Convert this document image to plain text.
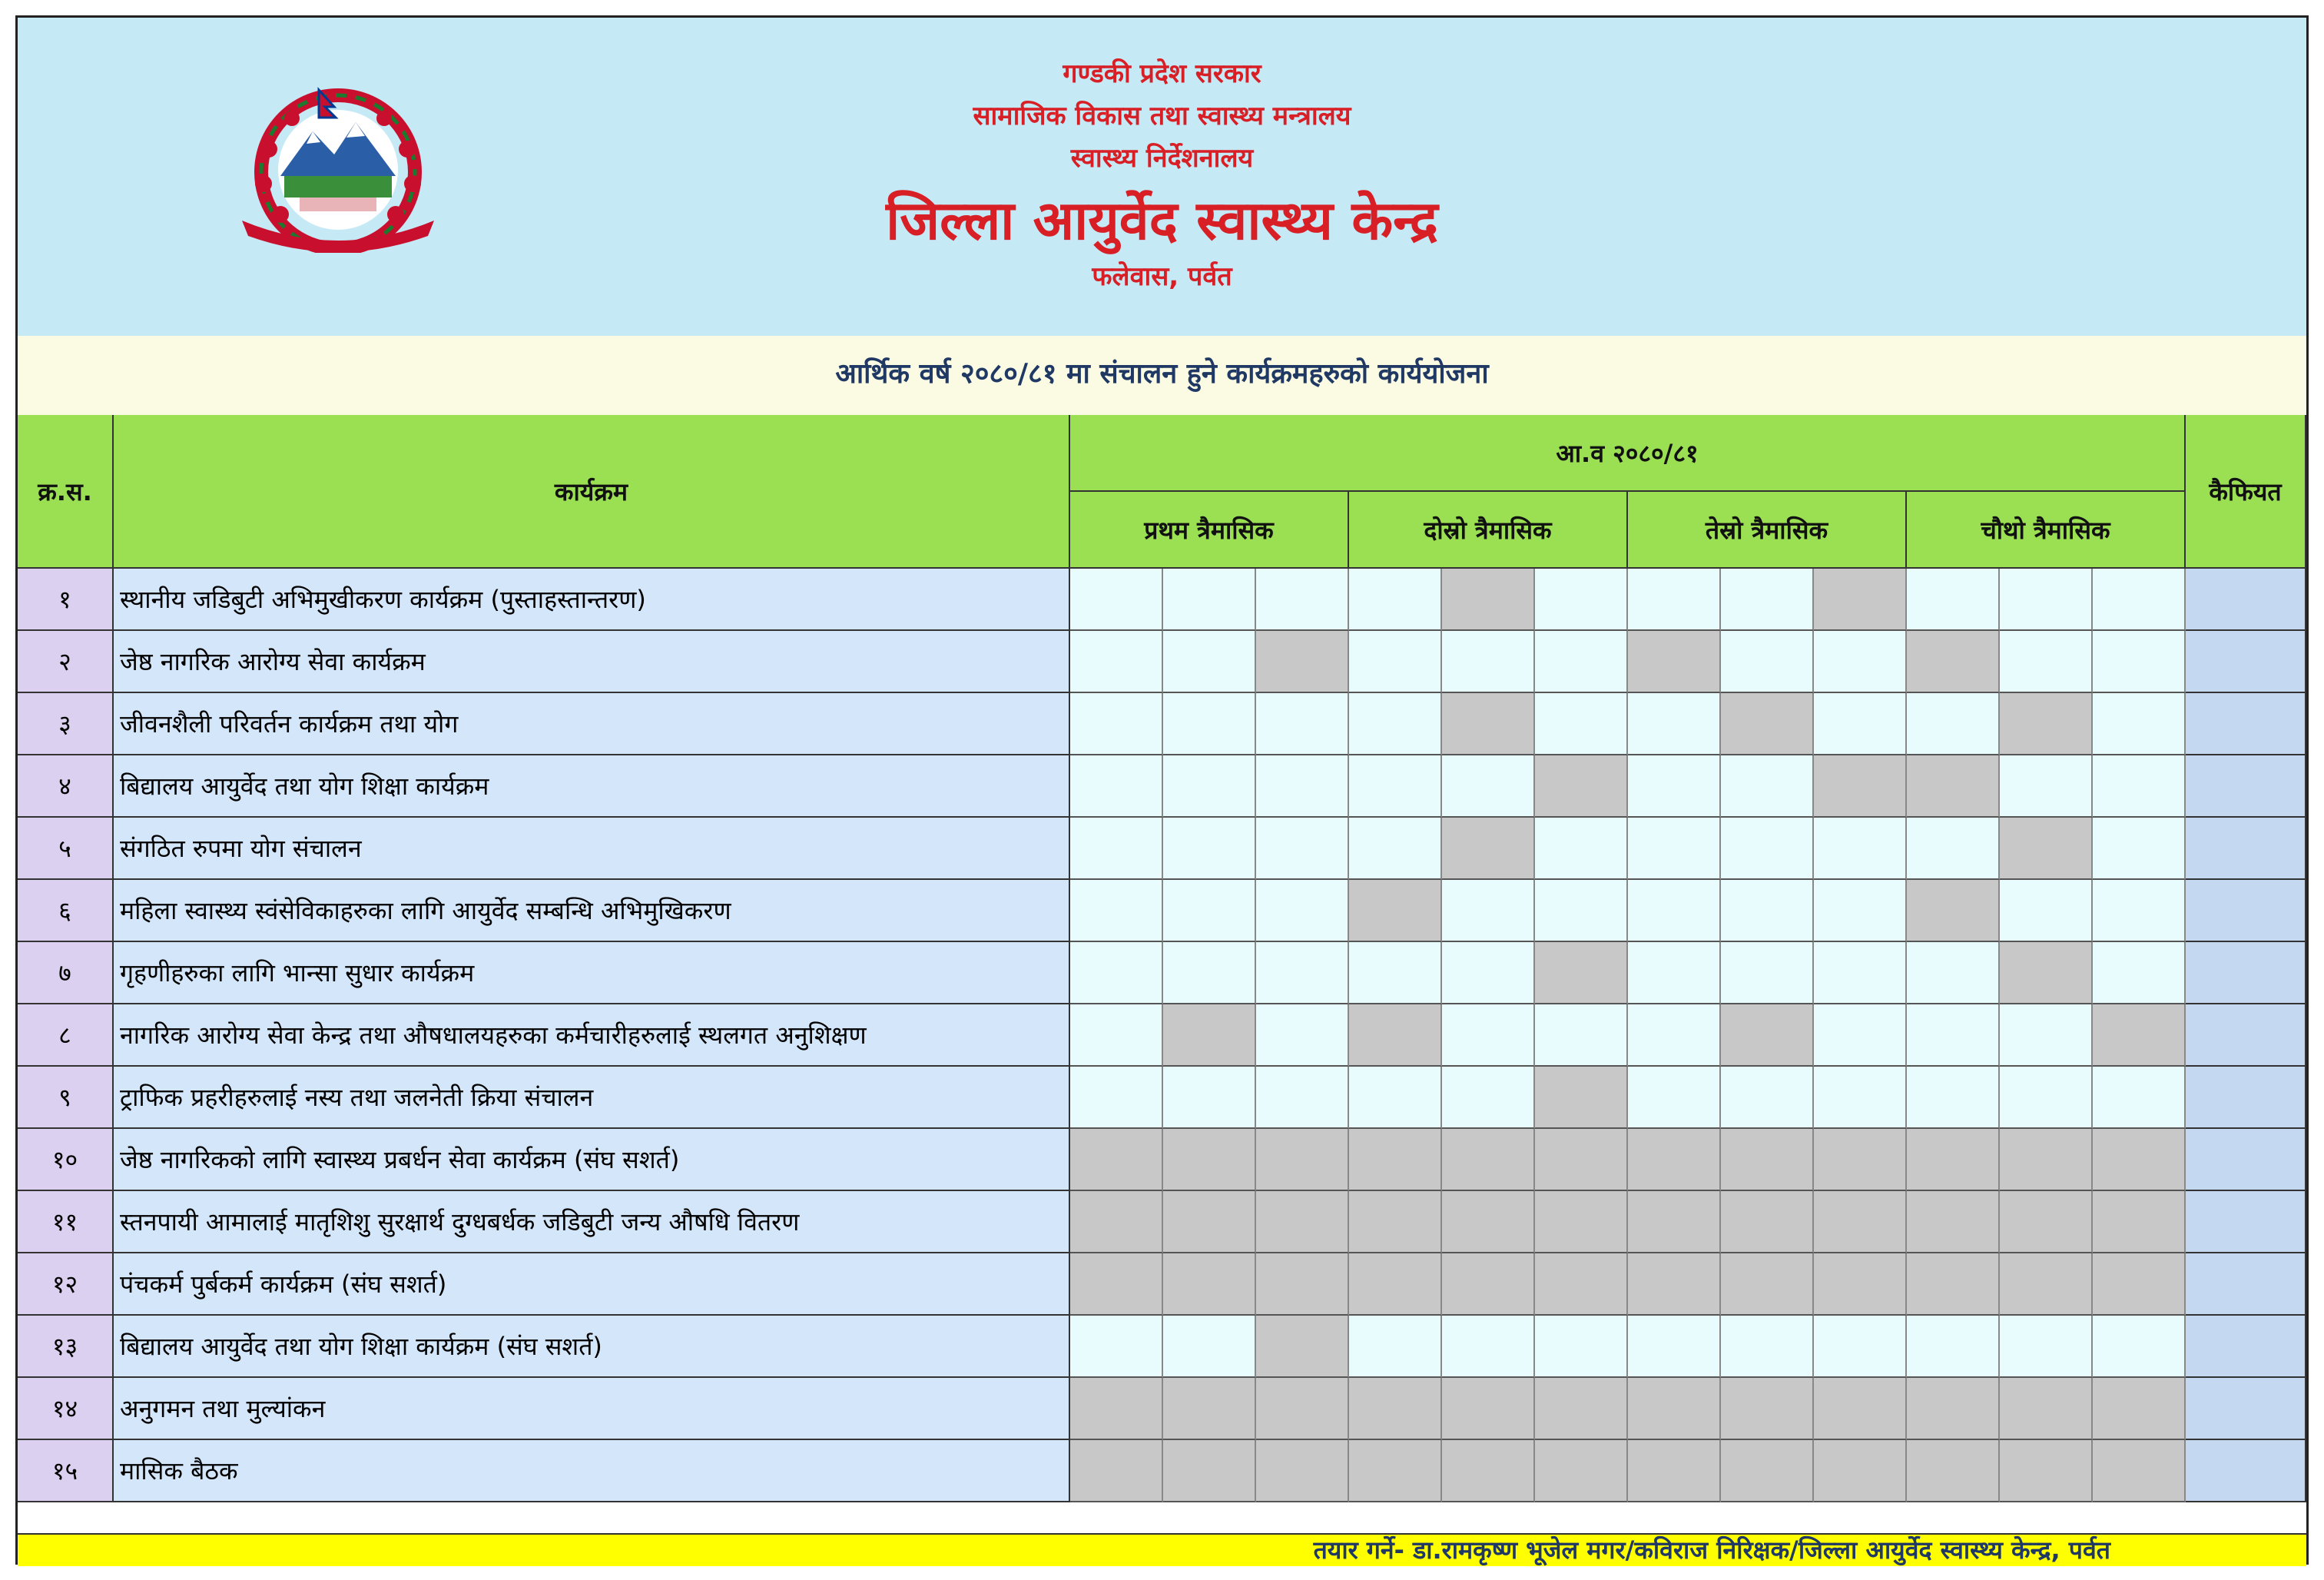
गण्डकी प्रदेश सरकार
सामाजिक विकास तथा स्वास्थ्य मन्त्रालय
स्वास्थ्य निर्देशनालय
जिल्ला आयुर्वेद स्वास्थ्य केन्द्र
फलेवास, पर्वत
आर्थिक वर्ष २०८०/८१ मा संचालन हुने कार्यक्रमहरुको कार्ययोजना
क्र.स.	कार्यक्रम
आ.व २०८०/८१
प्रथम त्रैमासिक	दोस्रो त्रैमासिक	तेस्रो त्रैमासिक	चौथो त्रैमासिक
कैफियत
१	स्थानीय जडिबुटी अभिमुखीकरण कार्यक्रम (पुस्ताहस्तान्तरण)
२	जेष्ठ नागरिक आरोग्य सेवा कार्यक्रम
३	जीवनशैली परिवर्तन कार्यक्रम तथा योग
४	बिद्यालय आयुर्वेद तथा योग शिक्षा कार्यक्रम
५	संगठित रुपमा योग संचालन
६	महिला स्वास्थ्य स्वंसेविकाहरुका लागि आयुर्वेद सम्बन्धि अभिमुखिकरण
७	गृहणीहरुका लागि भान्सा सुधार कार्यक्रम
८	नागरिक आरोग्य सेवा केन्द्र तथा औषधालयहरुका कर्मचारीहरुलाई स्थलगत अनुशिक्षण
९	ट्राफिक प्रहरीहरुलाई नस्य तथा जलनेती क्रिया संचालन
१०	जेष्ठ नागरिकको लागि स्वास्थ्य प्रबर्धन सेवा कार्यक्रम (संघ सशर्त)
११	स्तनपायी आमालाई मातृशिशु सुरक्षार्थ दुग्धबर्धक जडिबुटी जन्य औषधि वितरण
१२	पंचकर्म पुर्बकर्म कार्यक्रम (संघ सशर्त)
१३	बिद्यालय आयुर्वेद तथा योग शिक्षा कार्यक्रम (संघ सशर्त)
१४	अनुगमन तथा मुल्यांकन
१५	मासिक बैठक
तयार गर्ने- डा.रामकृष्ण भूजेल मगर/कविराज निरिक्षक/जिल्ला आयुर्वेद स्वास्थ्य केन्द्र, पर्वत
